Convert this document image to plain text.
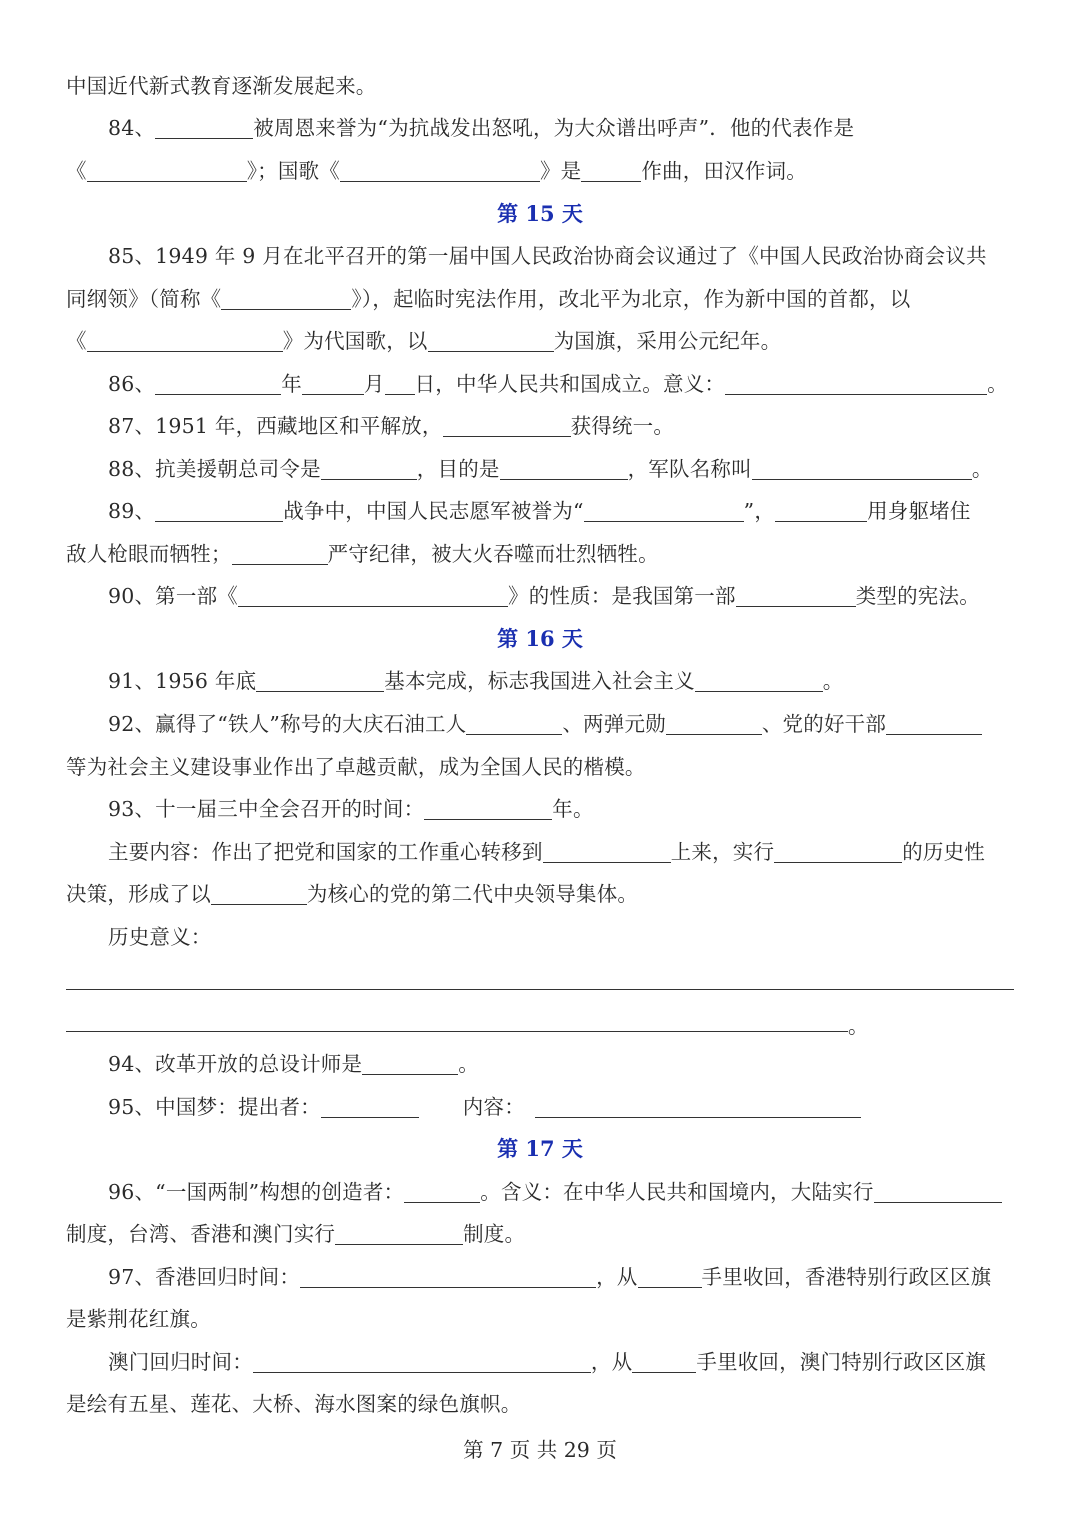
中国近代新式教育逐渐发展起来。
84、	被周恩来誉为“为抗战发出怒吼，为大众谱出呼声”．他的代表作是
《	》；国歌《	》是	作曲，田汉作词。
第 15 天
85、1949 年 9 月在北平召开的第一届中国人民政治协商会议通过了《中国人民政治协商会议共
同纲领》（简称《	》），起临时宪法作用，改北平为北京，作为新中国的首都，以
《	》为代国歌，以	为国旗，采用公元纪年。
86、	年	月 日，中华人民共和国成立。意义：	。
87、1951 年，西藏地区和平解放，	获得统一。
88、抗美援朝总司令是	，目的是	，军队名称叫	。
89、	战争中，中国人民志愿军被誉为“	”，	用身躯堵住
敌人枪眼而牺牲；	严守纪律，被大火吞噬而壮烈牺牲。
90、第一部《	》的性质：是我国第一部	类型的宪法。
第 16 天
91、1956 年底	基本完成，标志我国进入社会主义	。
92、赢得了“铁人”称号的大庆石油工人	、两弹元勋	、党的好干部
等为社会主义建设事业作出了卓越贡献，成为全国人民的楷模。
93、十一届三中全会召开的时间：	年。
主要内容：作出了把党和国家的工作重心转移到	上来，实行	的历史性
决策，形成了以	为核心的党的第二代中央领导集体。
历史意义：
。
94、改革开放的总设计师是	。
95、中国梦：提出者：	内容：
第 17 天
96、“一国两制”构想的创造者：	。含义：在中华人民共和国境内，大陆实行
制度，台湾、香港和澳门实行	制度。
97、香港回归时间：	，从	手里收回，香港特别行政区区旗
是紫荆花红旗。
澳门回归时间：	，从	手里收回，澳门特别行政区区旗
是绘有五星、莲花、大桥、海水图案的绿色旗帜。
第 7 页 共 29 页
